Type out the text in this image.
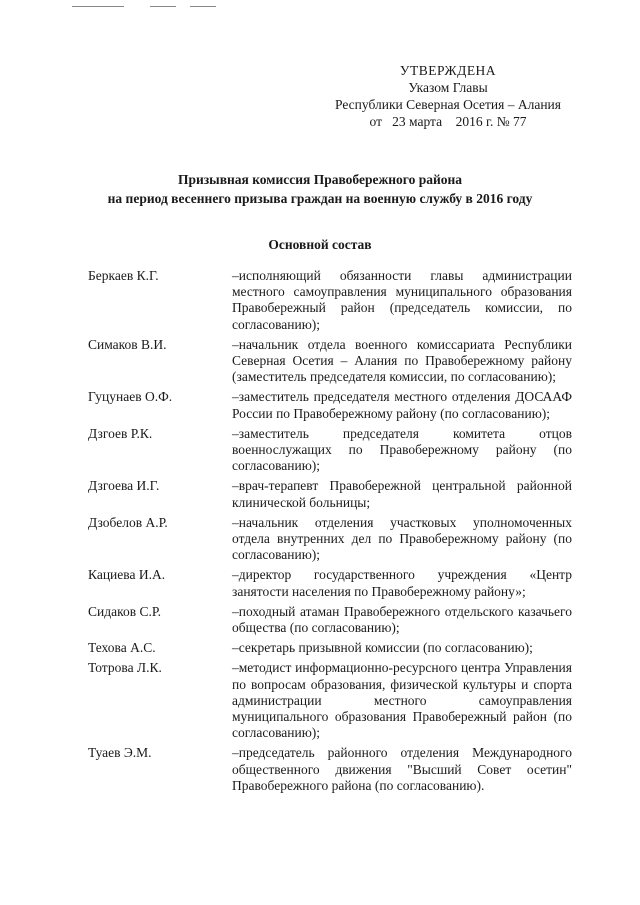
УТВЕРЖДЕНА
Указом Главы
Республики Северная Осетия – Алания
от   23 марта    2016 г. № 77
Призывная комиссия Правобережного района
на период весеннего призыва граждан на военную службу в 2016 году
Основной состав
Беркаев К.Г.	–исполняющий обязанности главы администрации местного самоуправления муниципального образования Правобережный район (председатель комиссии, по согласованию);
Симаков В.И.	–начальник отдела военного комиссариата Республики Северная Осетия – Алания по Правобережному району (заместитель председателя комиссии, по согласованию);
Гуцунаев О.Ф.	–заместитель председателя местного отделения ДОСААФ России по Правобережному району (по согласованию);
Дзгоев Р.К.	–заместитель председателя комитета отцов военнослужащих по Правобережному району (по согласованию);
Дзгоева И.Г.	–врач-терапевт Правобережной центральной районной клинической больницы;
Дзобелов А.Р.	–начальник отделения участковых уполномоченных отдела внутренних дел по Правобережному району (по согласованию);
Кациева И.А.	–директор государственного учреждения «Центр занятости населения по Правобережному району»;
Сидаков С.Р.	–походный атаман Правобережного отдельского казачьего общества (по согласованию);
Техова А.С.	–секретарь призывной комиссии (по согласованию);
Тотрова Л.К.	–методист информационно-ресурсного центра Управления по вопросам образования, физической культуры и спорта администрации местного самоуправления муниципального образования Правобережный район (по согласованию);
Туаев Э.М.	–председатель районного отделения Международного общественного движения "Высший Совет осетин" Правобережного района (по согласованию).
